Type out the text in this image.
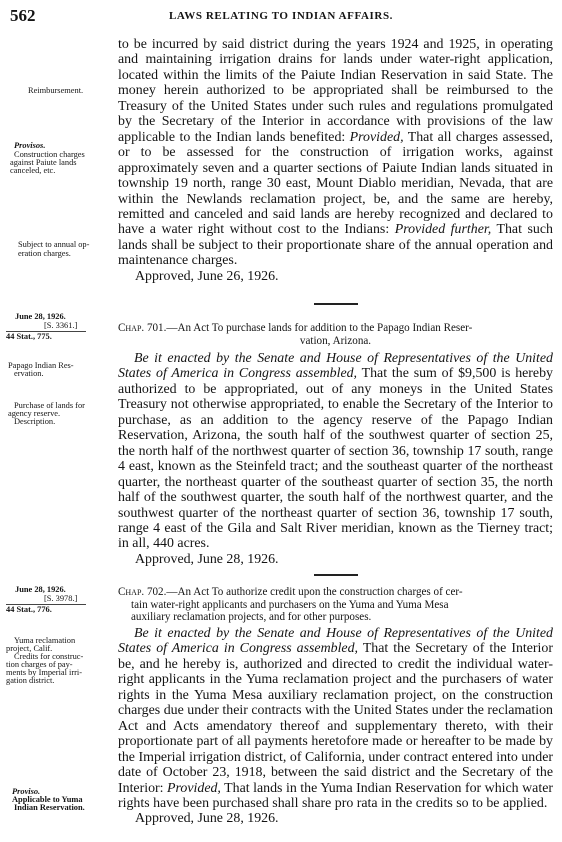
562	LAWS RELATING TO INDIAN AFFAIRS.

to be incurred by said district during the years 1924 and 1925, in operating and maintaining irrigation drains for lands under water-right application, located within the limits of the Paiute Indian Reservation in said State. The money herein authorized to be appropriated shall be reimbursed to the Treasury of the United States under such rules and regulations promulgated by the Secretary of the Interior in accordance with provisions of the law applicable to the Indian lands benefited: Provided, That all charges assessed, or to be assessed for the construction of irrigation works, against approximately seven and a quarter sections of Paiute Indian lands situated in township 19 north, range 30 east, Mount Diablo meridian, Nevada, that are within the Newlands reclamation project, be, and the same are hereby, remitted and canceled and said lands are hereby recognized and declared to have a water right without cost to the Indians: Provided further, That such lands shall be subject to their proportionate share of the annual operation and maintenance charges.

Approved, June 26, 1926.

Reimbursement.
Provisos.
Construction charges
against Paiute lands
canceled, etc.
Subject to annual op-
eration charges.
June 28, 1926.
[S. 3361.]
44 Stat., 775.
Chap. 701.—An Act To purchase lands for addition to the Papago Indian Reser-
vation, Arizona.

Be it enacted by the Senate and House of Representatives of the United States of America in Congress assembled, That the sum of $9,500 is hereby authorized to be appropriated, out of any moneys in the United States Treasury not otherwise appropriated, to enable the Secretary of the Interior to purchase, as an addition to the agency reserve of the Papago Indian Reservation, Arizona, the south half of the southwest quarter of section 25, the north half of the northwest quarter of section 36, township 17 south, range 4 east, known as the Steinfeld tract; and the southeast quarter of the northeast quarter, the northeast quarter of the southeast quarter of section 35, the north half of the southwest quarter, the south half of the northwest quarter, and the southwest quarter of the northeast quarter of section 36, township 17 south, range 4 east of the Gila and Salt River meridian, known as the Tierney tract; in all, 440 acres.

Approved, June 28, 1926.

Papago Indian Res-
ervation.
Purchase of lands for
agency reserve.
Description.
June 28, 1926.
[S. 3978.]
44 Stat., 776.
Chap. 702.—An Act To authorize credit upon the construction charges of cer-
tain water-right applicants and purchasers on the Yuma and Yuma Mesa
auxiliary reclamation projects, and for other purposes.

Be it enacted by the Senate and House of Representatives of the United States of America in Congress assembled, That the Secretary of the Interior be, and he hereby is, authorized and directed to credit the individual water-right applicants in the Yuma reclamation project and the purchasers of water rights in the Yuma Mesa auxiliary reclamation project, on the construction charges due under their contracts with the United States under the reclamation Act and Acts amendatory thereof and supplementary thereto, with their proportionate part of all payments heretofore made or hereafter to be made by the Imperial irrigation district, of California, under contract entered into under date of October 23, 1918, between the said district and the Secretary of the Interior: Provided, That lands in the Yuma Indian Reservation for which water rights have been purchased shall share pro rata in the credits so to be applied.

Approved, June 28, 1926.

Yuma reclamation
project, Calif.
Credits for construc-
tion charges of pay-
ments by Imperial irri-
gation district.
Proviso.
Applicable to Yuma
Indian Reservation.
